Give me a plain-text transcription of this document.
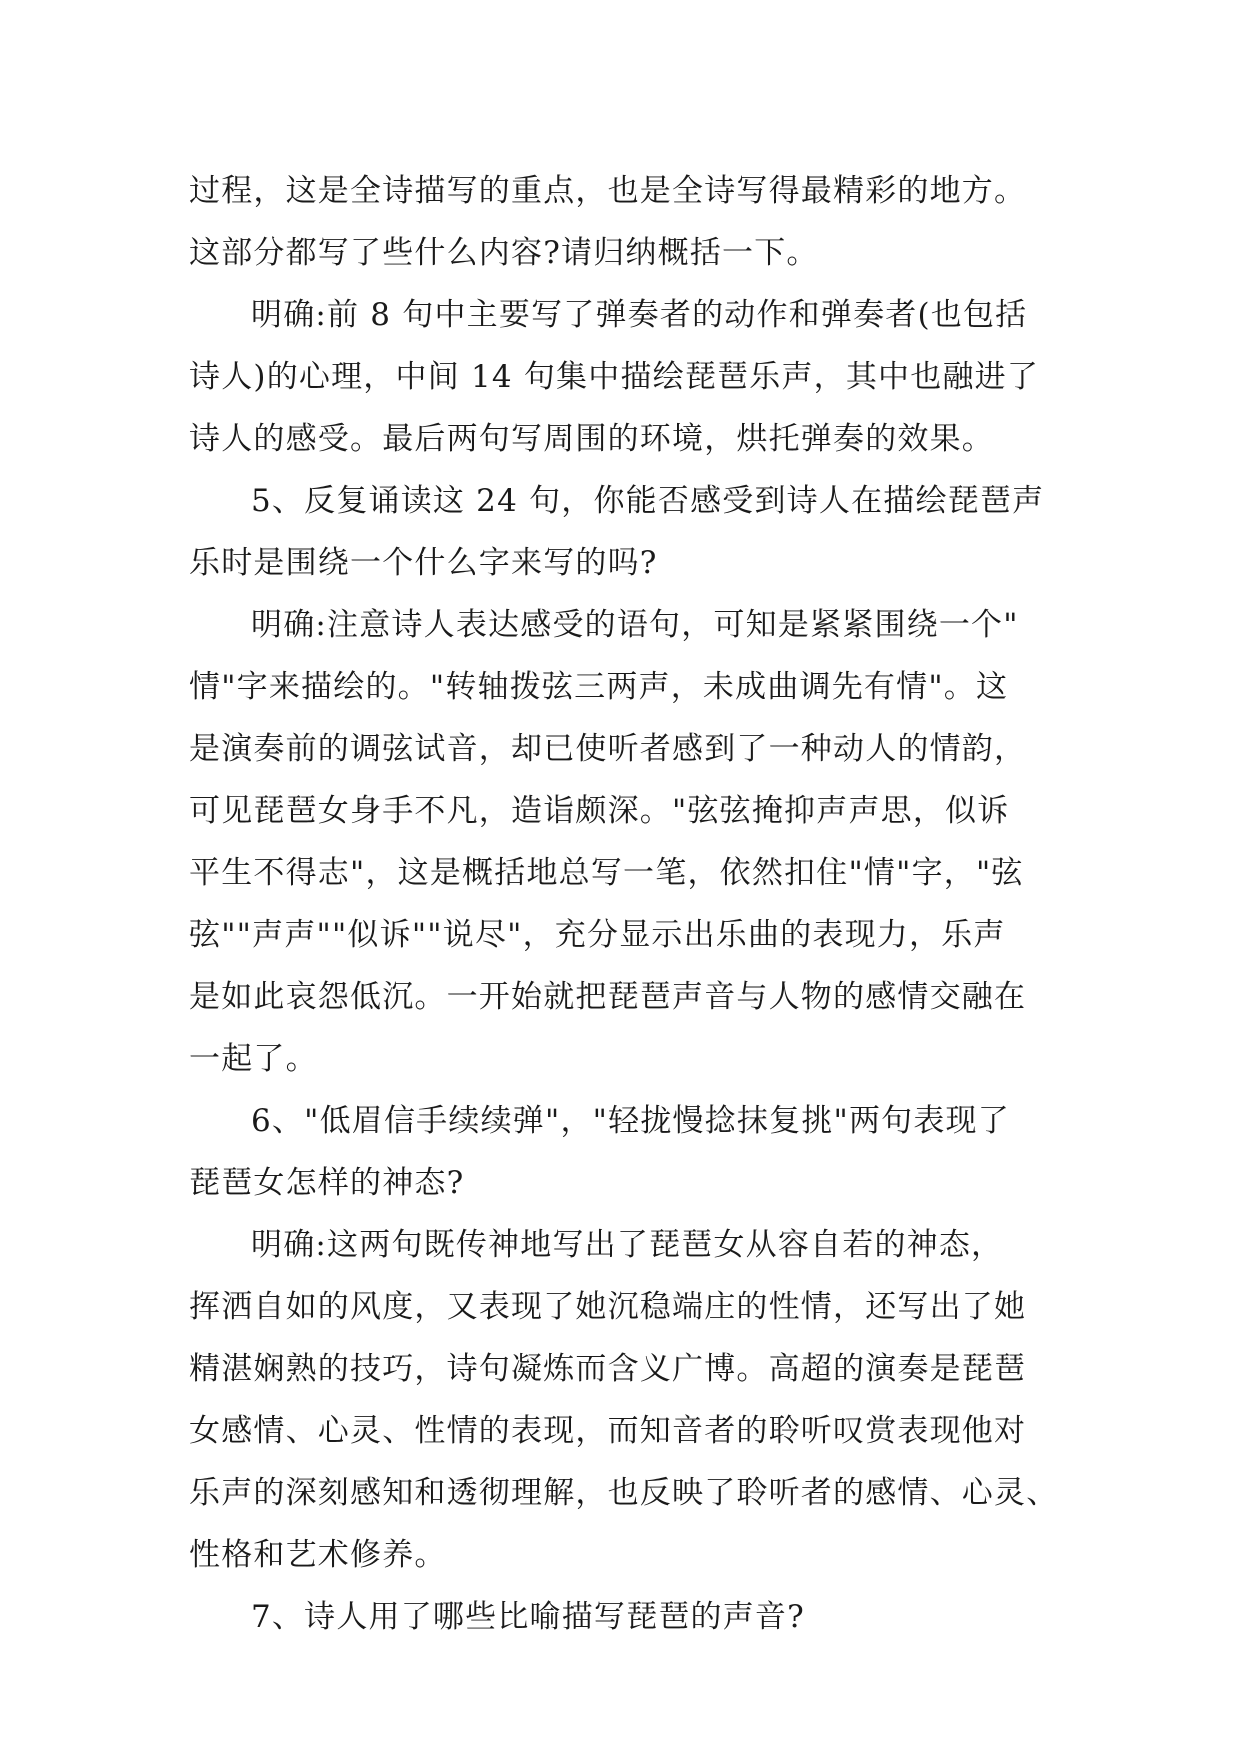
过程，这是全诗描写的重点，也是全诗写得最精彩的地方。
这部分都写了些什么内容?请归纳概括一下。
明确:前 8 句中主要写了弹奏者的动作和弹奏者(也包括
诗人)的心理，中间 14 句集中描绘琵琶乐声，其中也融进了
诗人的感受。最后两句写周围的环境，烘托弹奏的效果。
5、反复诵读这 24 句，你能否感受到诗人在描绘琵琶声
乐时是围绕一个什么字来写的吗?
明确:注意诗人表达感受的语句，可知是紧紧围绕一个"
情"字来描绘的。"转轴拨弦三两声，未成曲调先有情"。这
是演奏前的调弦试音，却已使听者感到了一种动人的情韵，
可见琵琶女身手不凡，造诣颇深。"弦弦掩抑声声思，似诉
平生不得志"，这是概括地总写一笔，依然扣住"情"字，"弦
弦""声声""似诉""说尽"，充分显示出乐曲的表现力，乐声
是如此哀怨低沉。一开始就把琵琶声音与人物的感情交融在
一起了。
6、"低眉信手续续弹"，"轻拢慢捻抹复挑"两句表现了
琵琶女怎样的神态?
明确:这两句既传神地写出了琵琶女从容自若的神态，
挥洒自如的风度，又表现了她沉稳端庄的性情，还写出了她
精湛娴熟的技巧，诗句凝炼而含义广博。高超的演奏是琵琶
女感情、心灵、性情的表现，而知音者的聆听叹赏表现他对
乐声的深刻感知和透彻理解，也反映了聆听者的感情、心灵、
性格和艺术修养。
7、诗人用了哪些比喻描写琵琶的声音?
